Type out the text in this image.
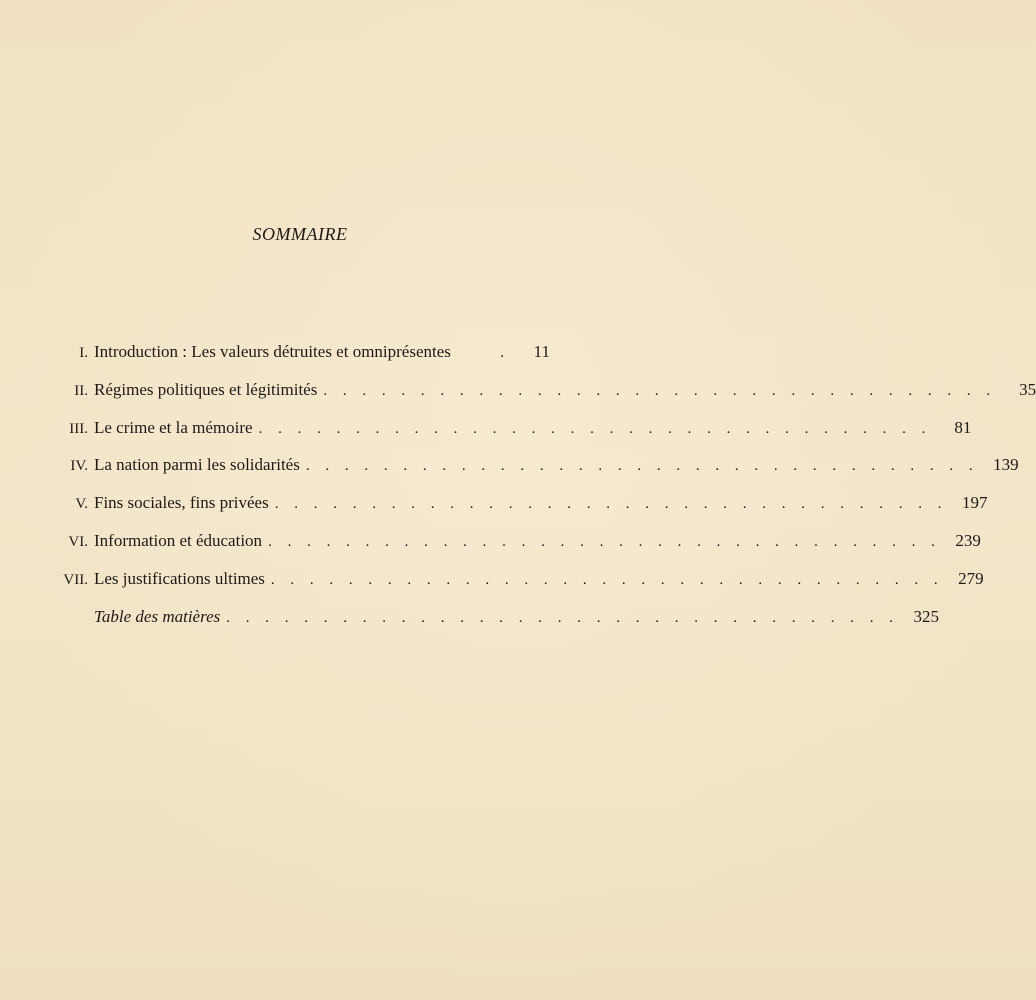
SOMMAIRE
I. Introduction : Les valeurs détruites et omniprésentes	.	11
II. Régimes politiques et légitimités . . . . . . . . . . . . . . . . . . . . . . . . . . . . . . . . . . .	35
III. Le crime et la mémoire . . . . . . . . . . . . . . . . . . . . . . . . . . . . . . . . . . .	81
IV. La nation parmi les solidarités . . . . . . . . . . . . . . . . . . . . . . . . . . . . . . . . . . . 139
V. Fins sociales, fins privées . . . . . . . . . . . . . . . . . . . . . . . . . . . . . . . . . . . 197
VI. Information et éducation . . . . . . . . . . . . . . . . . . . . . . . . . . . . . . . . . . . 239
VII. Les justifications ultimes . . . . . . . . . . . . . . . . . . . . . . . . . . . . . . . . . . . 279
Table des matières . . . . . . . . . . . . . . . . . . . . . . . . . . . . . . . . . . . 325
